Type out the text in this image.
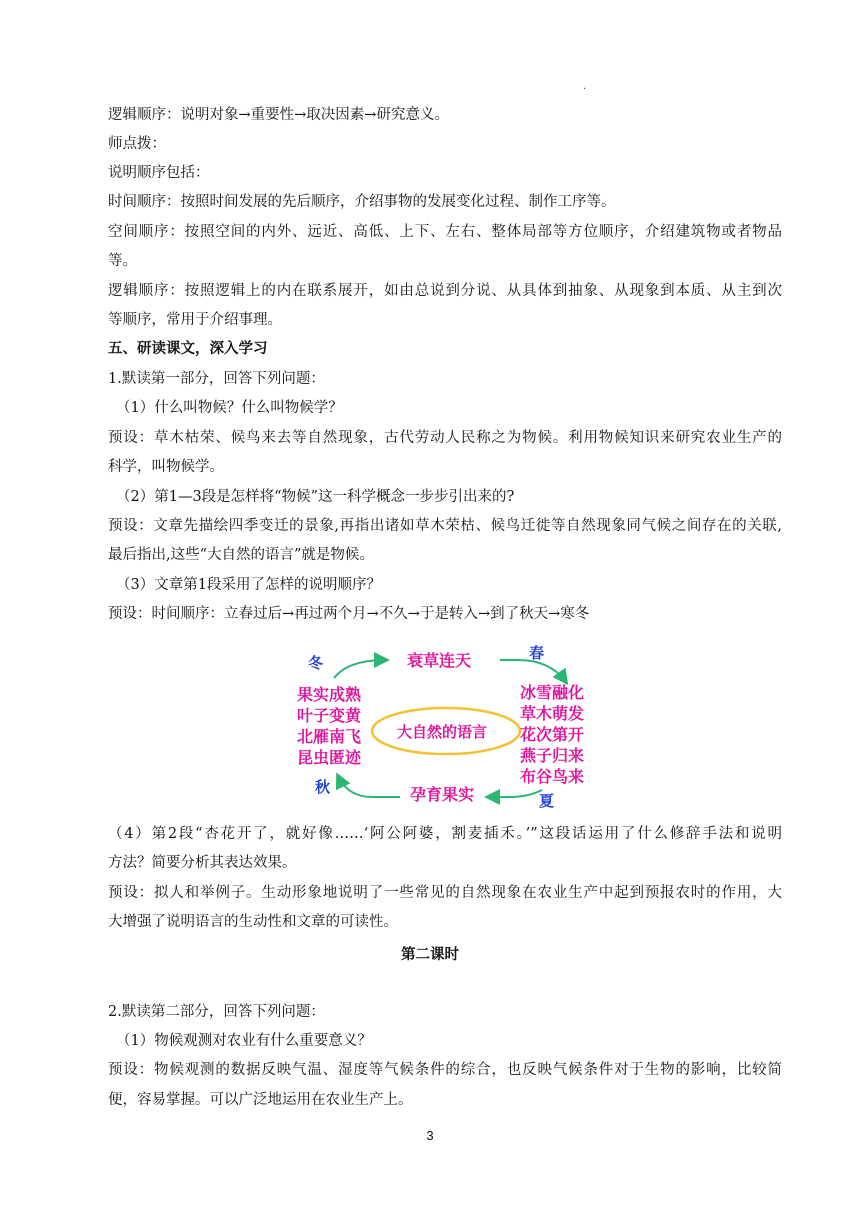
·
逻辑顺序：说明对象→重要性→取决因素→研究意义。
师点拨：
说明顺序包括：
时间顺序：按照时间发展的先后顺序，介绍事物的发展变化过程、制作工序等。
空间顺序：按照空间的内外、远近、高低、上下、左右、整体局部等方位顺序，介绍建筑物或者物品
等。
逻辑顺序：按照逻辑上的内在联系展开，如由总说到分说、从具体到抽象、从现象到本质、从主到次
等顺序，常用于介绍事理。
五、研读课文，深入学习
1.默读第一部分，回答下列问题：
（1）什么叫物候？什么叫物候学？
预设：草木枯荣、候鸟来去等自然现象，古代劳动人民称之为物候。利用物候知识来研究农业生产的
科学，叫物候学。
（2）第1—3段是怎样将“物候”这一科学概念一步步引出来的?
预设：文章先描绘四季变迁的景象,再指出诸如草木荣枯、候鸟迁徙等自然现象同气候之间存在的关联,
最后指出,这些“大自然的语言”就是物候。
（3）文章第1段采用了怎样的说明顺序？
预设：时间顺序：立春过后→再过两个月→不久→于是转入→到了秋天→寒冬
冬
春
夏
秋
衰草连天
孕育果实
大自然的语言
果实成熟
叶子变黄
北雁南飞
昆虫匿迹
冰雪融化
草木萌发
花次第开
燕子归来
布谷鸟来
（4）第2段“杏花开了，就好像……‘阿公阿婆，割麦插禾。’”这段话运用了什么修辞手法和说明
方法？简要分析其表达效果。
预设：拟人和举例子。生动形象地说明了一些常见的自然现象在农业生产中起到预报农时的作用，大
大增强了说明语言的生动性和文章的可读性。
第二课时
2.默读第二部分，回答下列问题：
（1）物候观测对农业有什么重要意义？
预设：物候观测的数据反映气温、湿度等气候条件的综合，也反映气候条件对于生物的影响，比较简
便，容易掌握。可以广泛地运用在农业生产上。
3
